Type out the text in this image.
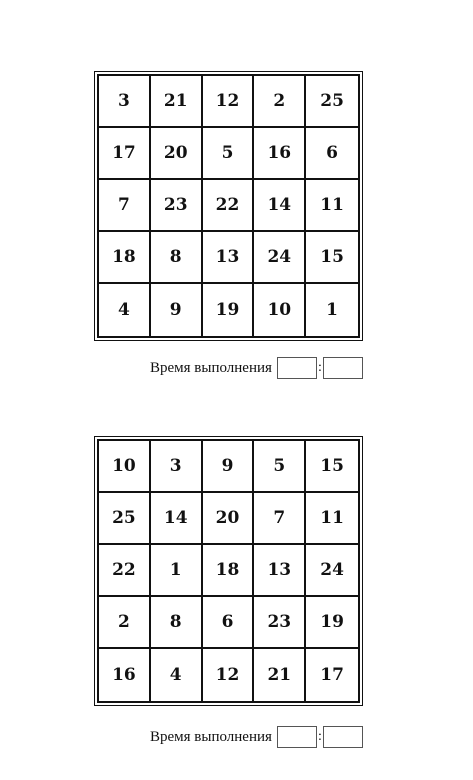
3	21	12	2	25
17	20	5	16	6
7	23	22	14	11
18	8	13	24	15
4	9	19	10	1
Время выполнения	:
10	3	9	5	15
25	14	20	7	11
22	1	18	13	24
2	8	6	23	19
16	4	12	21	17
Время выполнения	:
